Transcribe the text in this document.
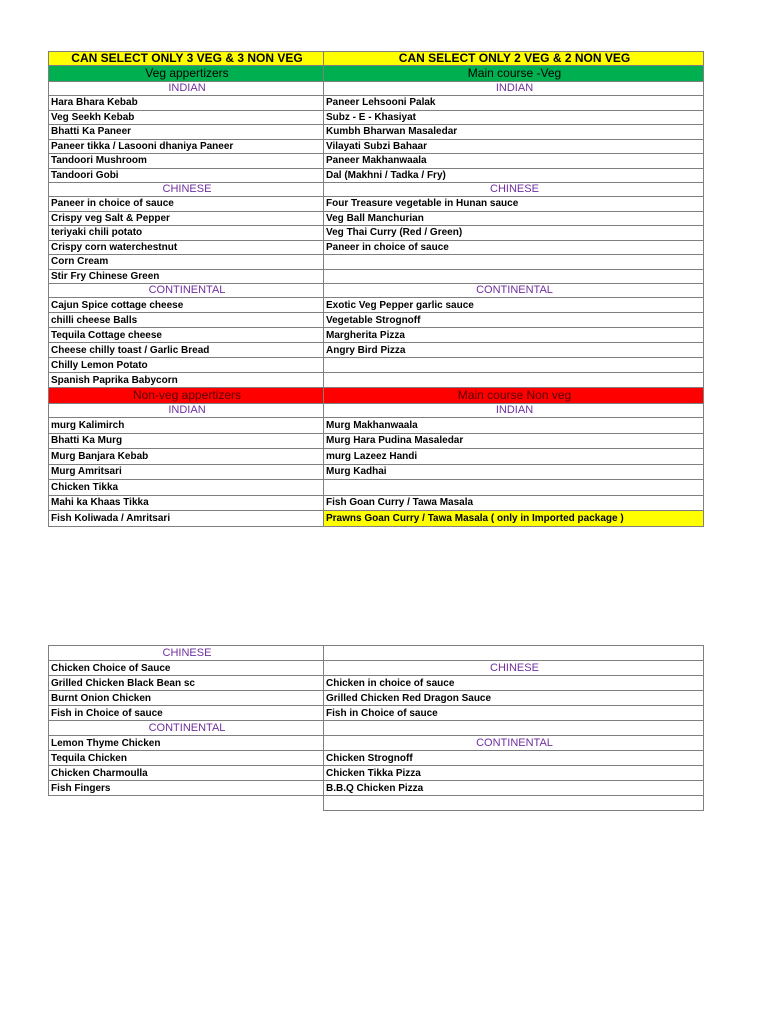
CAN SELECT ONLY 3 VEG & 3 NON VEG	CAN SELECT ONLY 2 VEG & 2 NON VEG
Veg appertizers	Main course -Veg
INDIAN	INDIAN
Hara Bhara Kebab	Paneer Lehsooni Palak
Veg Seekh Kebab	Subz - E - Khasiyat
Bhatti Ka Paneer	Kumbh Bharwan Masaledar
Paneer tikka / Lasooni dhaniya Paneer	Vilayati Subzi Bahaar
Tandoori Mushroom	Paneer Makhanwaala
Tandoori Gobi	Dal (Makhni / Tadka / Fry)
CHINESE	CHINESE
Paneer in choice of sauce	Four Treasure vegetable in Hunan sauce
Crispy veg Salt & Pepper	Veg Ball Manchurian
teriyaki chili potato	Veg Thai Curry (Red / Green)
Crispy corn waterchestnut	Paneer in choice of sauce
Corn Cream	
Stir Fry Chinese Green	
CONTINENTAL	CONTINENTAL
Cajun Spice cottage cheese	Exotic Veg Pepper garlic sauce
chilli cheese Balls	Vegetable Strognoff
Tequila Cottage cheese	Margherita Pizza
Cheese chilly toast / Garlic Bread	Angry Bird Pizza
Chilly Lemon Potato	
Spanish Paprika Babycorn	
Non-veg appertizers	Main course Non veg
INDIAN	INDIAN
murg Kalimirch	Murg Makhanwaala
Bhatti Ka Murg	Murg Hara Pudina Masaledar
Murg Banjara Kebab	murg Lazeez Handi
Murg Amritsari	Murg Kadhai
Chicken Tikka	
Mahi ka Khaas Tikka	Fish Goan Curry / Tawa Masala
Fish Koliwada / Amritsari	Prawns Goan Curry / Tawa Masala ( only in Imported package )
CHINESE	
Chicken Choice of Sauce	CHINESE
Grilled Chicken Black Bean sc	Chicken in choice of sauce
Burnt Onion Chicken	Grilled Chicken Red Dragon Sauce
Fish in Choice of sauce	Fish in Choice of sauce
CONTINENTAL	
Lemon Thyme Chicken	CONTINENTAL
Tequila Chicken	Chicken Strognoff
Chicken Charmoulla	Chicken Tikka Pizza
Fish Fingers	B.B.Q Chicken Pizza
